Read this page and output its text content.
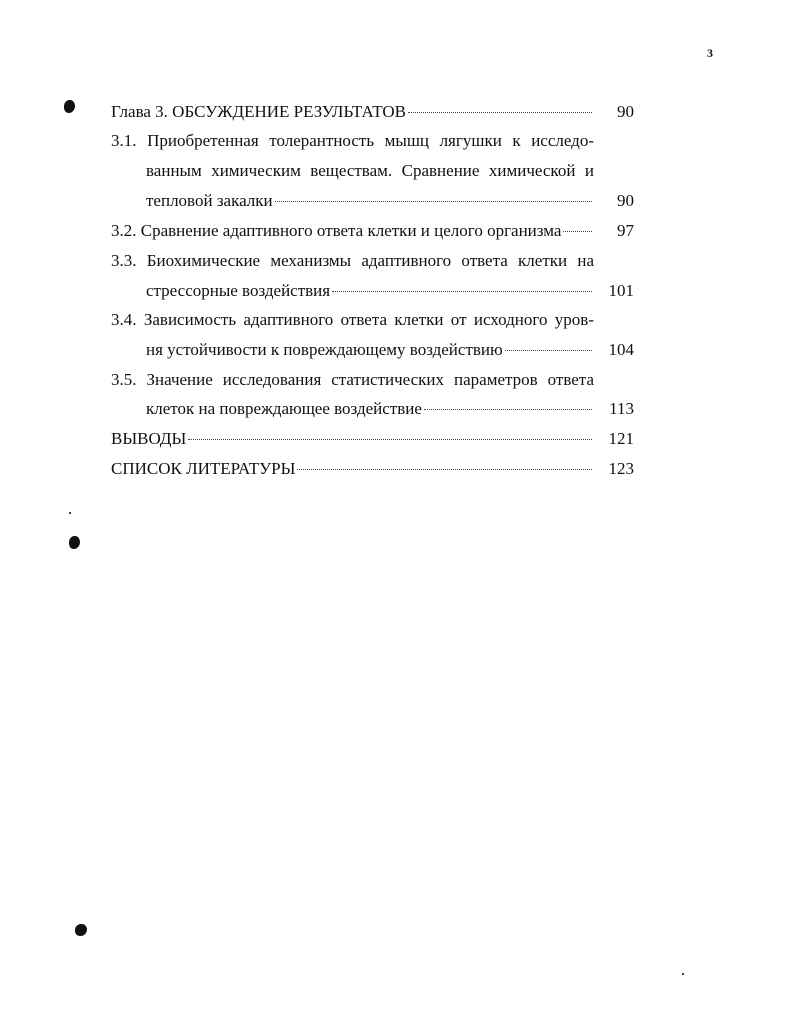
3
Глава 3. ОБСУЖДЕНИЕ РЕЗУЛЬТАТОВ	90
3.1. Приобретенная толерантность мышц лягушки к исследо-
ванным химическим веществам. Сравнение химической и
тепловой закалки	90
3.2. Сравнение адаптивного ответа клетки и целого организма	97
3.3. Биохимические механизмы адаптивного ответа клетки на
стрессорные воздействия	101
3.4. Зависимость адаптивного ответа клетки от исходного уров-
ня устойчивости к повреждающему воздействию	104
3.5. Значение исследования статистических параметров ответа
клеток на повреждающее воздействие	113
ВЫВОДЫ	121
СПИСОК ЛИТЕРАТУРЫ	123
